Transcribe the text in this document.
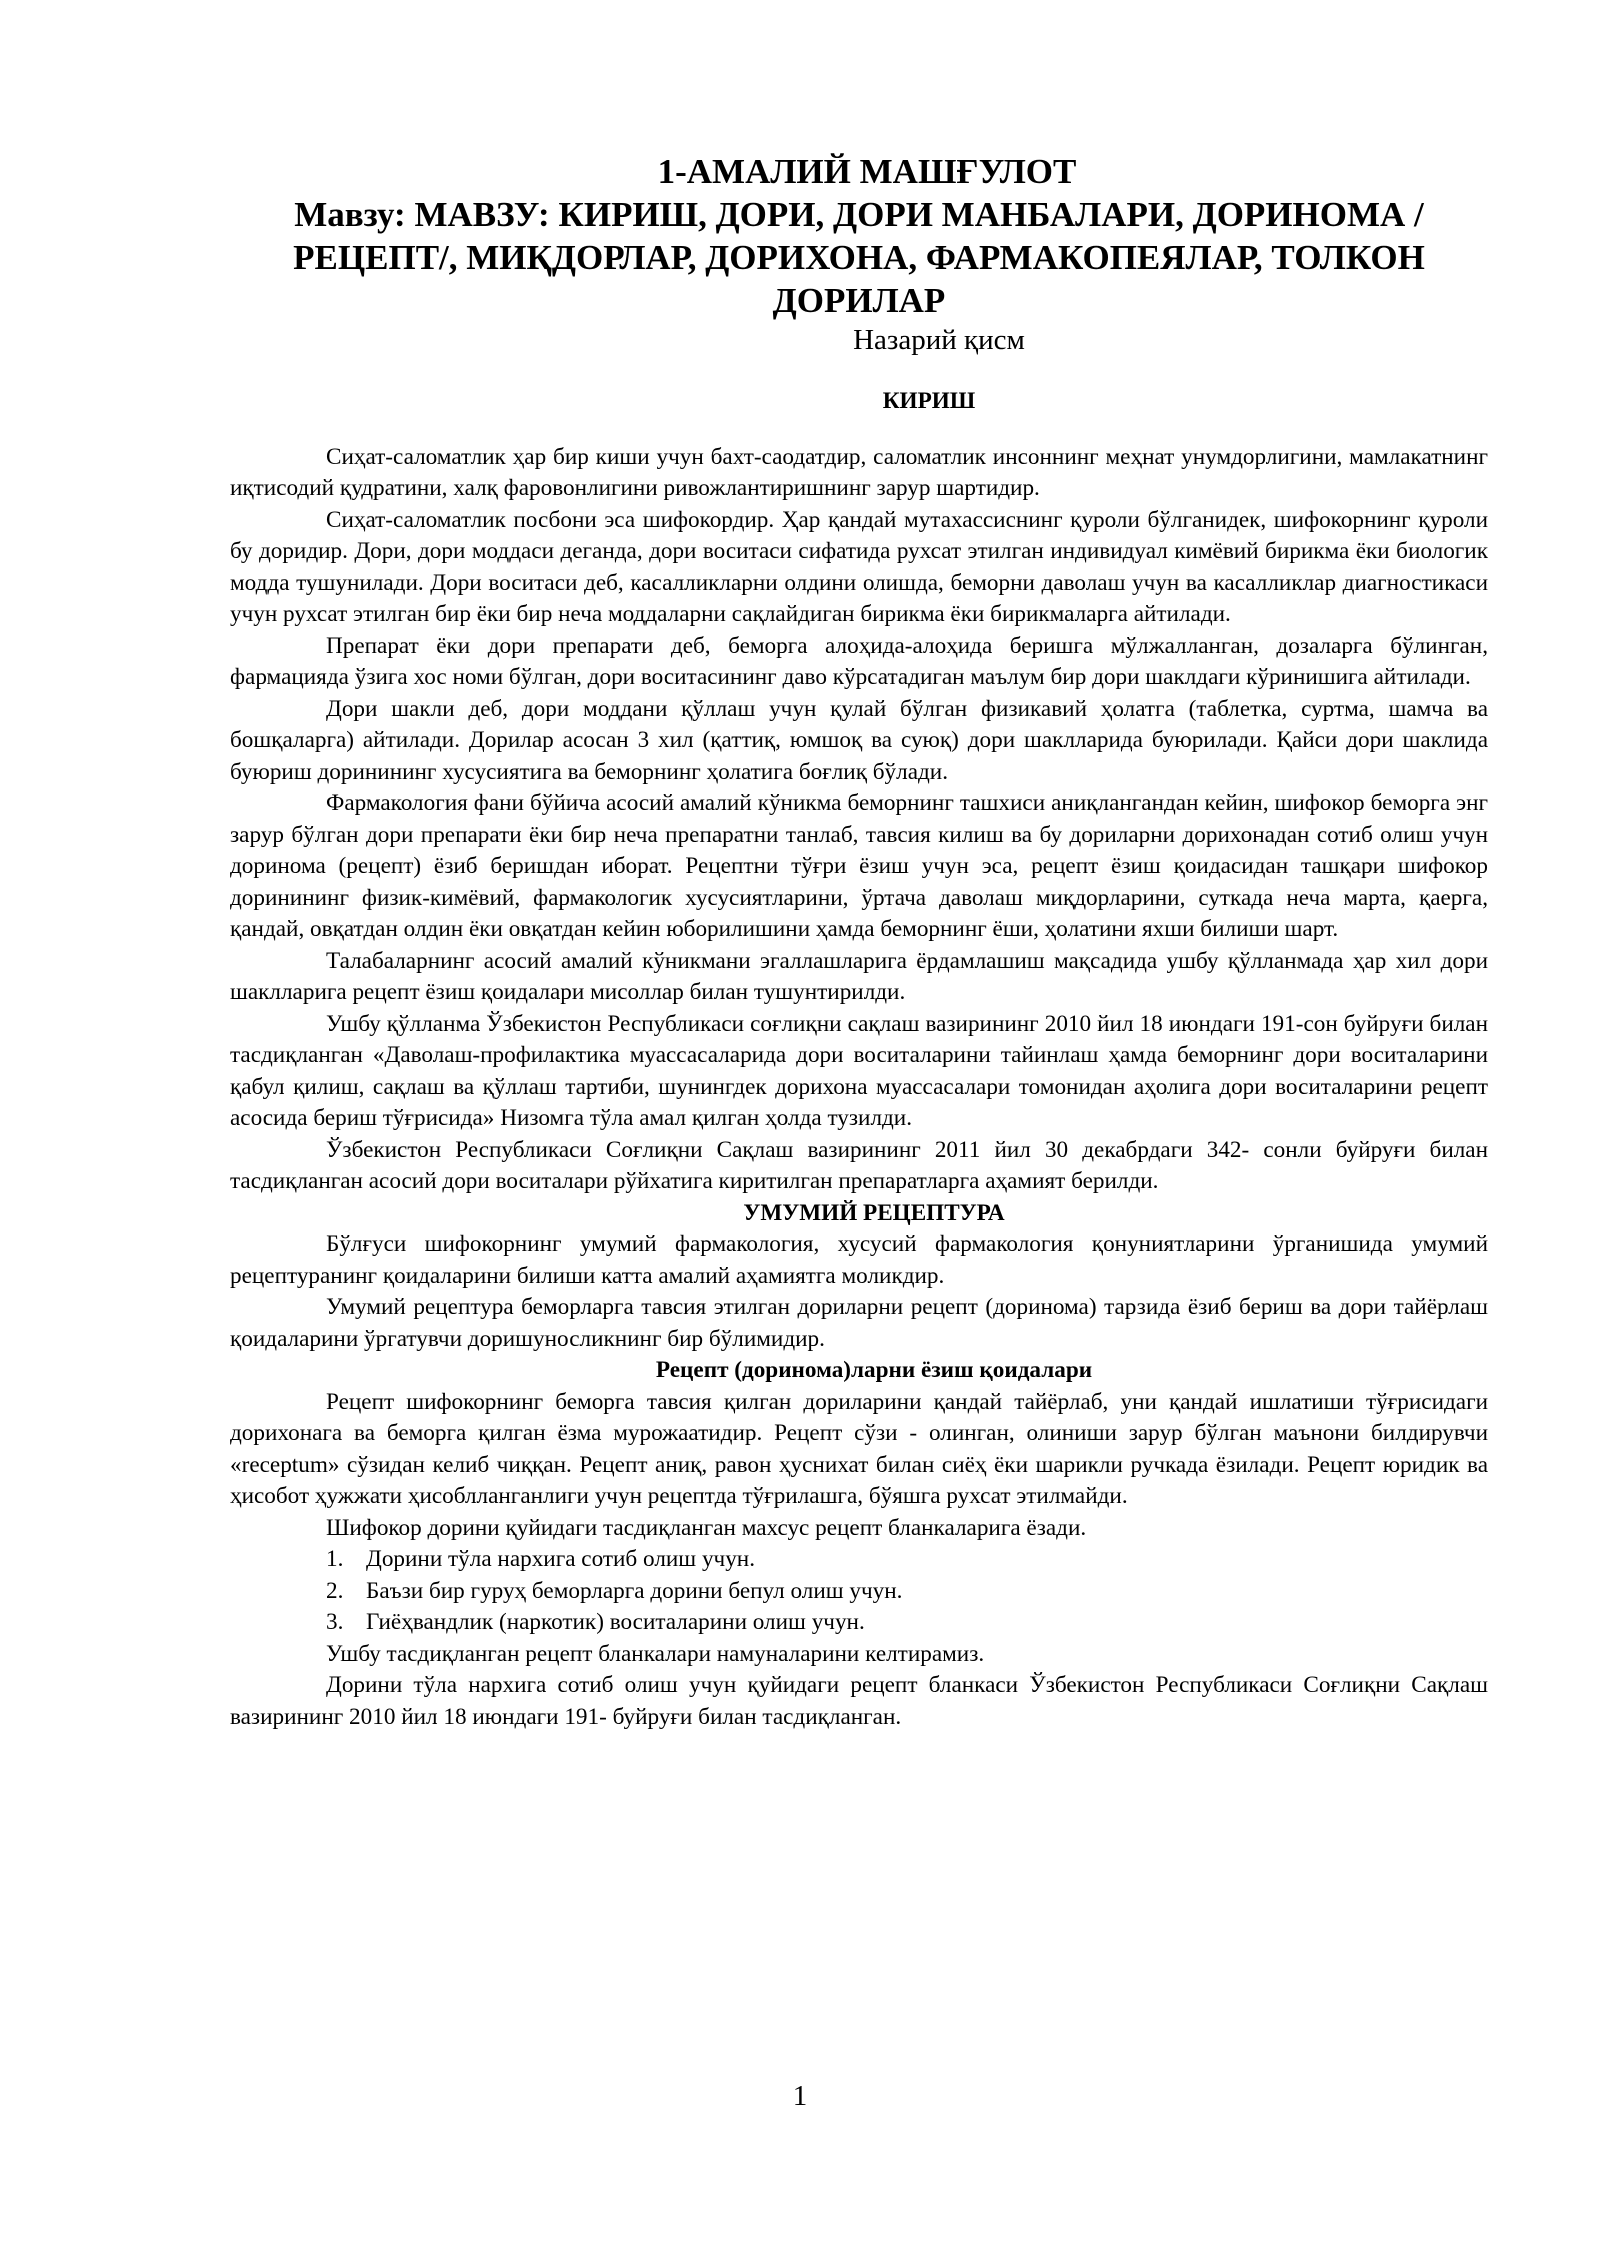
1-АМАЛИЙ МАШҒУЛОТ
Мавзу: МАВЗУ: КИРИШ, ДОРИ, ДОРИ МАНБАЛАРИ, ДОРИНОМА /РЕЦЕПТ/, МИҚДОРЛАР, ДОРИХОНА, ФАРМАКОПЕЯЛАР, ТОЛКОН ДОРИЛАР
Назарий қисм
КИРИШ

Сиҳат-саломатлик ҳар бир киши учун бахт-саодатдир, саломатлик инсоннинг меҳнат унумдорлигини, мамлакатнинг иқтисодий қудратини, халқ фаровонлигини ривожлантиришнинг зарур шартидир.

Сиҳат-саломатлик посбони эса шифокордир. Ҳар қандай мутахассиснинг қуроли бўлганидек, шифокорнинг қуроли бу доридир. Дори, дори моддаси деганда, дори воситаси сифатида рухсат этилган индивидуал кимёвий бирикма ёки биологик модда тушунилади. Дори воситаси деб, касалликларни олдини олишда, беморни даволаш учун ва касалликлар диагностикаси учун рухсат этилган бир ёки бир неча моддаларни сақлайдиган бирикма ёки бирикмаларга айтилади.

Препарат ёки дори препарати деб, беморга алоҳида-алоҳида беришга мўлжалланган, дозаларга бўлинган, фармацияда ўзига хос номи бўлган, дори воситасининг даво кўрсатадиган маълум бир дори шаклдаги кўринишига айтилади.

Дори шакли деб, дори моддани қўллаш учун қулай бўлган физикавий ҳолатга (таблетка, суртма, шамча ва бошқаларга) айтилади. Дорилар асосан 3 хил (қаттиқ, юмшоқ ва суюқ) дори шаклларида буюрилади. Қайси дори шаклида буюриш доринининг хусусиятига ва беморнинг ҳолатига боғлиқ бўлади.

Фармакология фани бўйича асосий амалий кўникма беморнинг ташхиси аниқлангандан кейин, шифокор беморга энг зарур бўлган дори препарати ёки бир неча препаратни танлаб, тавсия килиш ва бу дориларни дорихонадан сотиб олиш учун доринома (рецепт) ёзиб беришдан иборат. Рецептни тўғри ёзиш учун эса, рецепт ёзиш қоидасидан ташқари шифокор доринининг физик-кимёвий, фармакологик хусусиятларини, ўртача даволаш миқдорларини, суткада неча марта, қаерга, қандай, овқатдан олдин ёки овқатдан кейин юборилишини ҳамда беморнинг ёши, ҳолатини яхши билиши шарт.

Талабаларнинг асосий амалий кўникмани эгаллашларига ёрдамлашиш мақсадида ушбу қўлланмада ҳар хил дори шаклларига рецепт ёзиш қоидалари мисоллар билан тушунтирилди.

Ушбу қўлланма Ўзбекистон Республикаси соғлиқни сақлаш вазирининг 2010 йил 18 июндаги 191-сон буйруғи билан тасдиқланган «Даволаш-профилактика муассасаларида дори воситаларини тайинлаш ҳамда беморнинг дори воситаларини қабул қилиш, сақлаш ва қўллаш тартиби, шунингдек дорихона муассасалари томонидан аҳолига дори воситаларини рецепт асосида бериш тўғрисида» Низомга тўла амал қилган ҳолда тузилди.

Ўзбекистон Республикаси Соғлиқни Сақлаш вазирининг 2011 йил 30 декабрдаги 342- сонли буйруғи билан тасдиқланган асосий дори воситалари рўйхатига киритилган препаратларга аҳамият берилди.

УМУМИЙ РЕЦЕПТУРА

Бўлғуси шифокорнинг умумий фармакология, хусусий фармакология қонуниятларини ўрганишида умумий рецептуранинг қоидаларини билиши катта амалий аҳамиятга моликдир.

Умумий рецептура беморларга тавсия этилган дориларни рецепт (доринома) тарзида ёзиб бериш ва дори тайёрлаш қоидаларини ўргатувчи доришуносликнинг бир бўлимидир.

Рецепт (доринома)ларни ёзиш қоидалари

Рецепт шифокорнинг беморга тавсия қилган дориларини қандай тайёрлаб, уни қандай ишлатиши тўғрисидаги дорихонага ва беморга қилган ёзма мурожаатидир. Рецепт сўзи - олинган, олиниши зарур бўлган маънони билдирувчи «receptum» сўзидан келиб чиққан. Рецепт аниқ, равон ҳуснихат билан сиёҳ ёки шарикли ручкада ёзилади. Рецепт юридик ва ҳисобот ҳужжати ҳисоблланганлиги учун рецептда тўғрилашга, бўяшга рухсат этилмайди.

Шифокор дорини қуйидаги тасдиқланган махсус рецепт бланкаларига ёзади.

1. Дорини тўла нархига сотиб олиш учун.

2. Баъзи бир гуруҳ беморларга дорини бепул олиш учун.

3. Гиёҳвандлик (наркотик) воситаларини олиш учун.

Ушбу тасдиқланган рецепт бланкалари намуналарини келтирамиз.

Дорини тўла нархига сотиб олиш учун қуйидаги рецепт бланкаси Ўзбекистон Республикаси Соғлиқни Сақлаш вазирининг 2010 йил 18 июндаги 191- буйруғи билан тасдиқланган.

1
